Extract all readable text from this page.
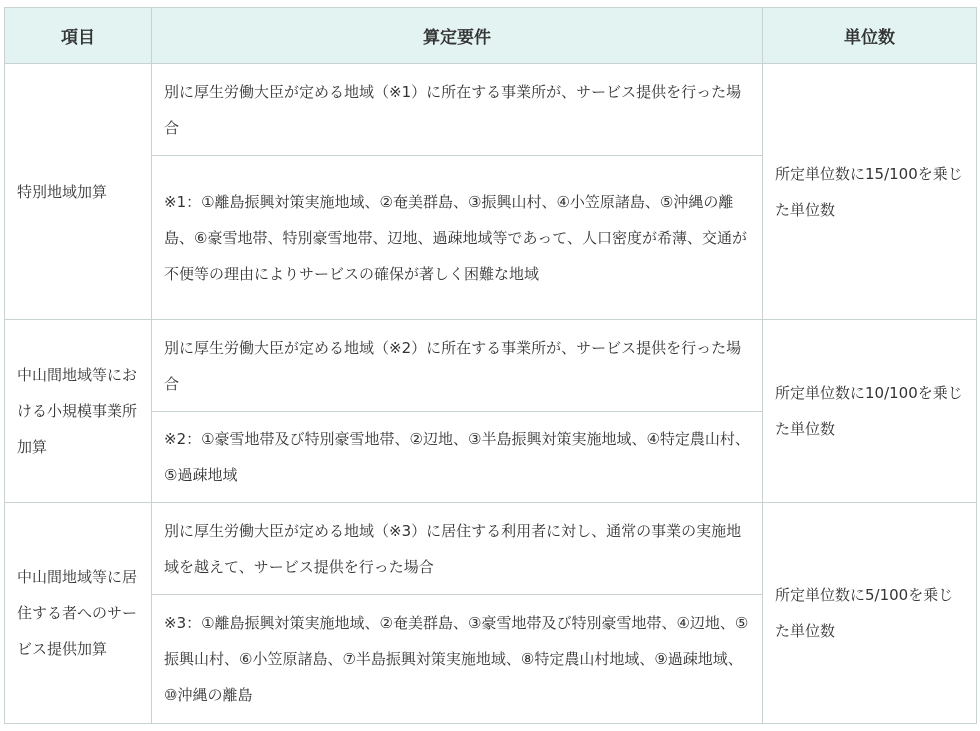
項目	算定要件	単位数

特別地域加算	別に厚生労働大臣が定める地域（※1）に所在する事業所が、サービス提供を行った場合	所定単位数に15/100を乗じた単位数

	※1：①離島振興対策実施地域、②奄美群島、③振興山村、④小笠原諸島、⑤沖縄の離島、⑥豪雪地帯、特別豪雪地帯、辺地、過疎地域等であって、人口密度が希薄、交通が不便等の理由によりサービスの確保が著しく困難な地域	

中山間地域等における小規模事業所加算	別に厚生労働大臣が定める地域（※2）に所在する事業所が、サービス提供を行った場合	所定単位数に10/100を乗じた単位数

	※2：①豪雪地帯及び特別豪雪地帯、②辺地、③半島振興対策実施地域、④特定農山村、⑤過疎地域	

中山間地域等に居住する者へのサービス提供加算	別に厚生労働大臣が定める地域（※3）に居住する利用者に対し、通常の事業の実施地域を越えて、サービス提供を行った場合	所定単位数に5/100を乗じた単位数

	※3：①離島振興対策実施地域、②奄美群島、③豪雪地帯及び特別豪雪地帯、④辺地、⑤振興山村、⑥小笠原諸島、⑦半島振興対策実施地域、⑧特定農山村地域、⑨過疎地域、⑩沖縄の離島	
